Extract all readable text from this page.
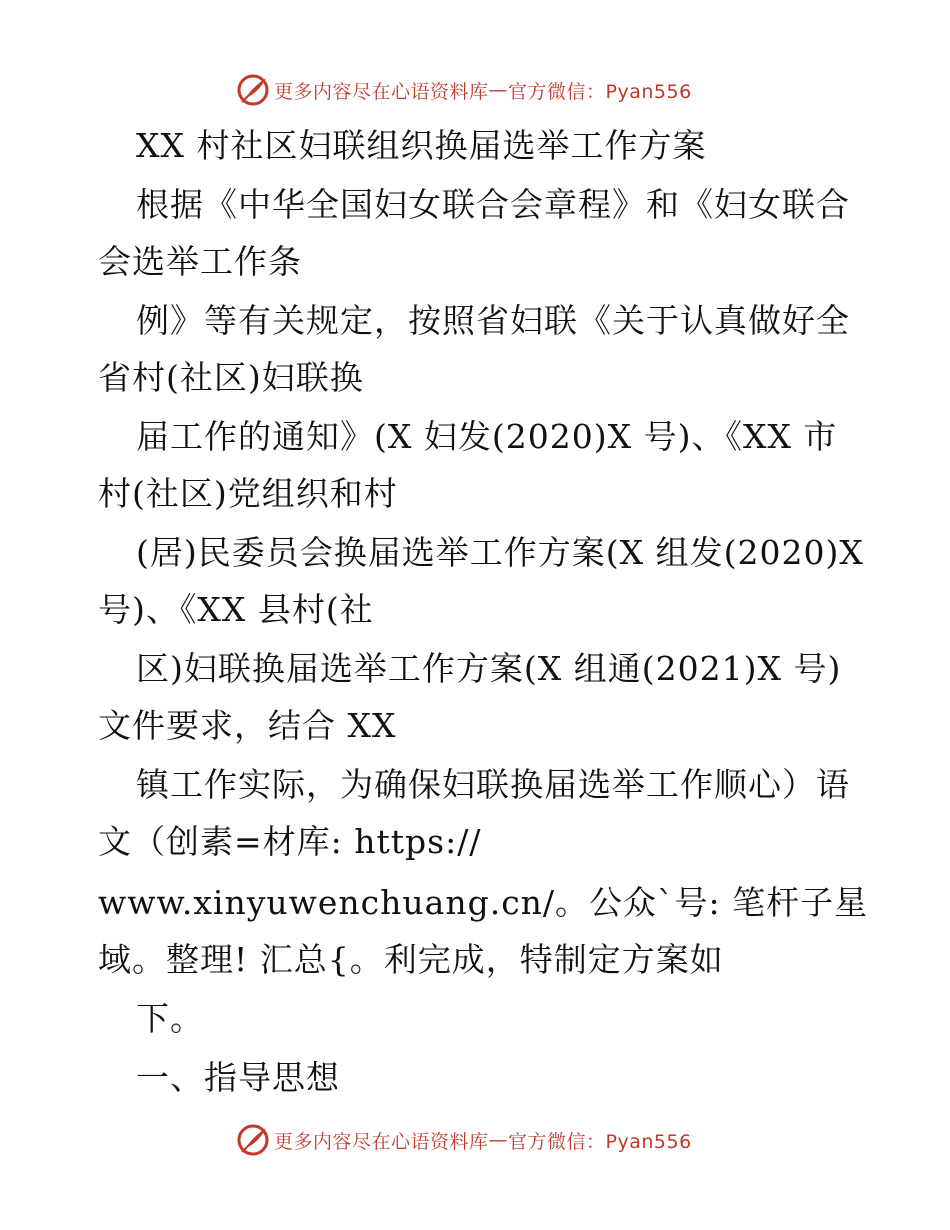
更多内容尽在心语资料库 — 官方微信：Pyan556
XX 村社区妇联组织换届选举工作方案
根据《中华全国妇女联合会章程》和《妇女联合
会选举工作条
例》等有关规定，按照省妇联《关于认真做好全
省村(社区)妇联换
届工作的通知》(X 妇发(2020)X 号)、《XX 市
村(社区)党组织和村
(居)民委员会换届选举工作方案(X 组发(2020)X
号)、《XX 县村(社
区)妇联换届选举工作方案(X 组通(2021)X 号)
文件要求，结合 XX
镇工作实际，为确保妇联换届选举工作顺心）语
文（创素=材库: https://
www.xinyuwenchuang.cn/。公众`号: 笔杆子星
域。整理! 汇总{。利完成，特制定方案如
下。
一、指导思想
更多内容尽在心语资料库 — 官方微信：Pyan556
